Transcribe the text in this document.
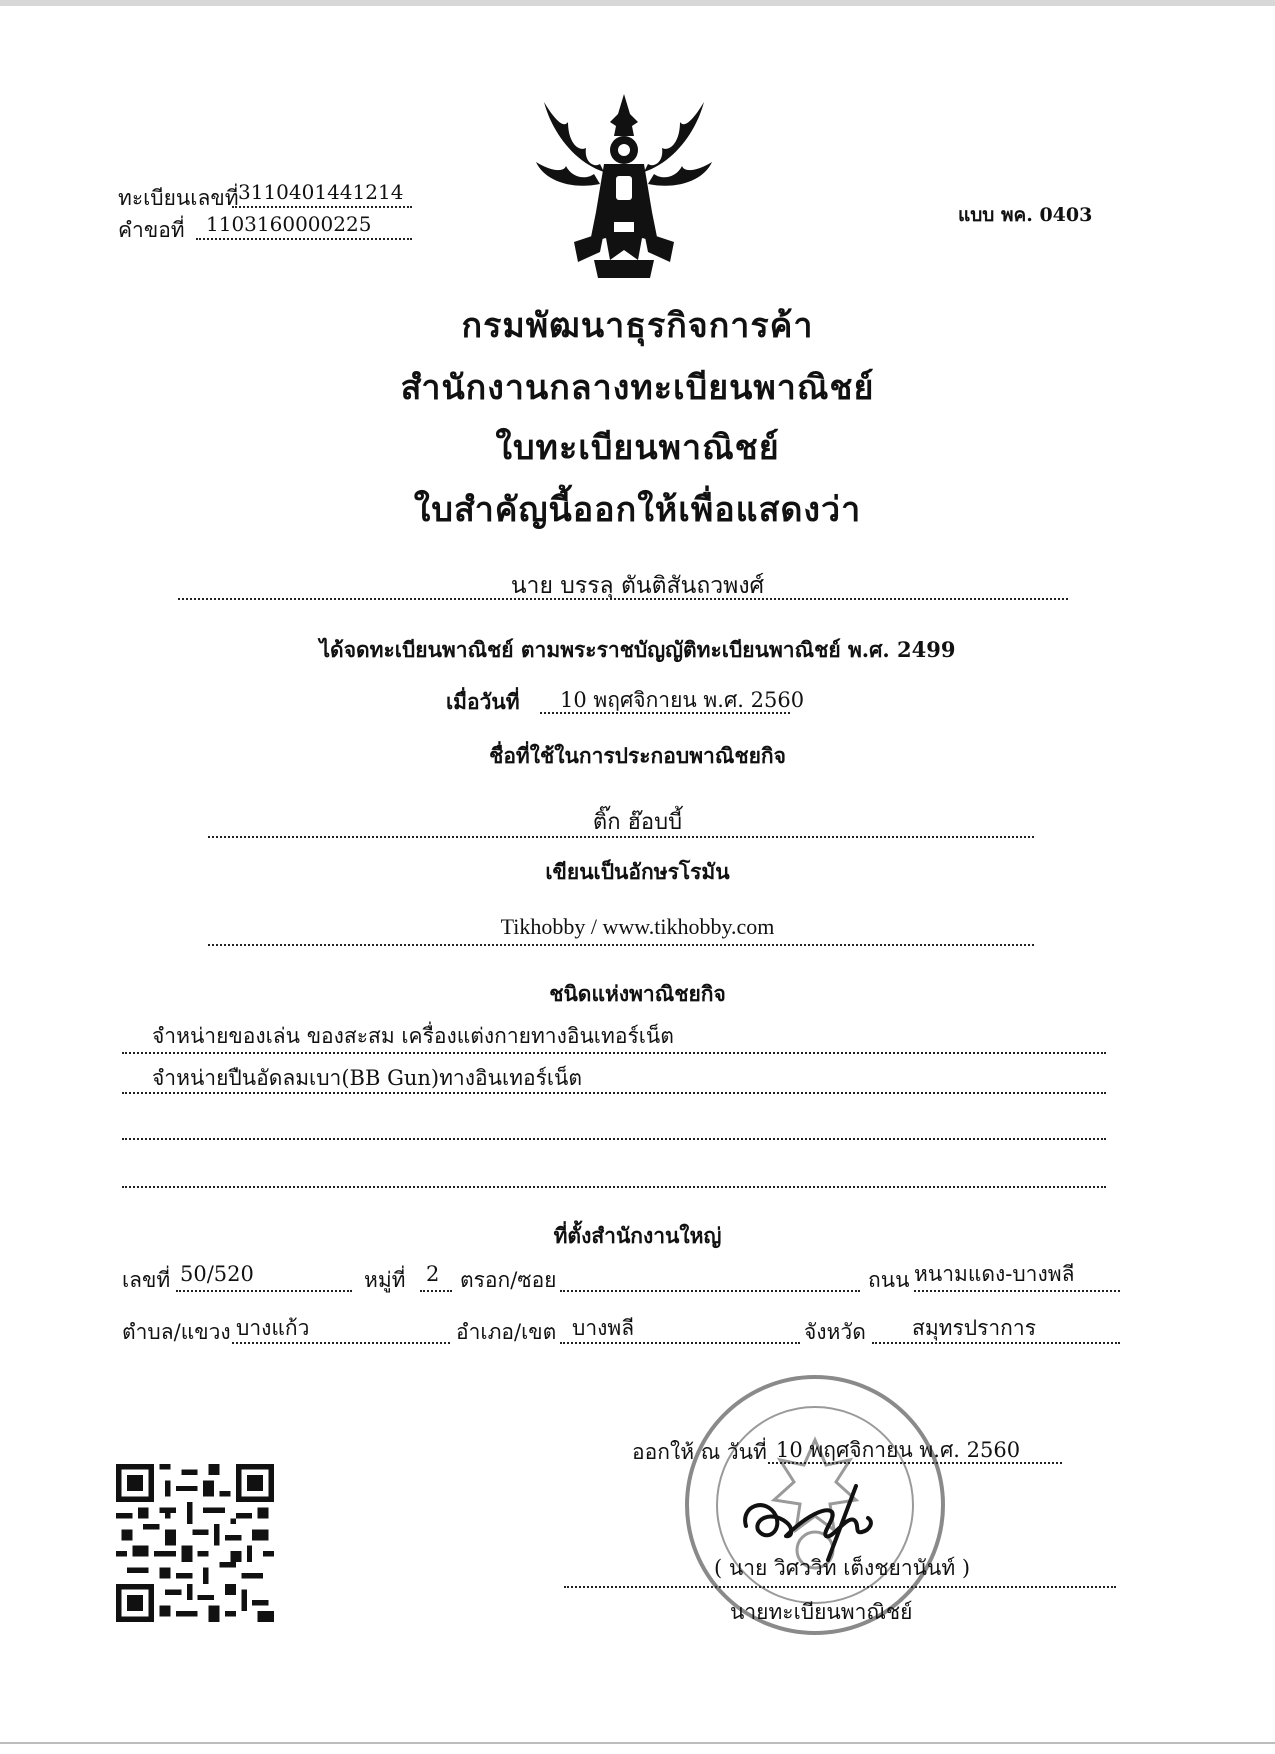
ทะเบียนเลขที่ 3110401441214
คำขอที่ 1103160000225	แบบ พค. 0403
กรมพัฒนาธุรกิจการค้า
สำนักงานกลางทะเบียนพาณิชย์
ใบทะเบียนพาณิชย์
ใบสำคัญนี้ออกให้เพื่อแสดงว่า
นาย บรรลุ ตันติสันถวพงศ์
ได้จดทะเบียนพาณิชย์ ตามพระราชบัญญัติทะเบียนพาณิชย์ พ.ศ. 2499
เมื่อวันที่ 10 พฤศจิกายน พ.ศ. 2560
ชื่อที่ใช้ในการประกอบพาณิชยกิจ
ติ๊ก ฮ๊อบบี้
เขียนเป็นอักษรโรมัน
Tikhobby / www.tikhobby.com
ชนิดแห่งพาณิชยกิจ
จำหน่ายของเล่น ของสะสม เครื่องแต่งกายทางอินเทอร์เน็ต
จำหน่ายปืนอัดลมเบา(BB Gun)ทางอินเทอร์เน็ต
ที่ตั้งสำนักงานใหญ่
เลขที่ 50/520	หมู่ที่ 2 ตรอก/ซอย	ถนน หนามแดง-บางพลี
ตำบล/แขวง บางแก้ว	อำเภอ/เขต บางพลี	จังหวัด สมุทรปราการ
ออกให้ ณ วันที่ 10 พฤศจิกายน พ.ศ. 2560
( นาย วิศววิท เต็งชยานันท์ )
นายทะเบียนพาณิชย์
